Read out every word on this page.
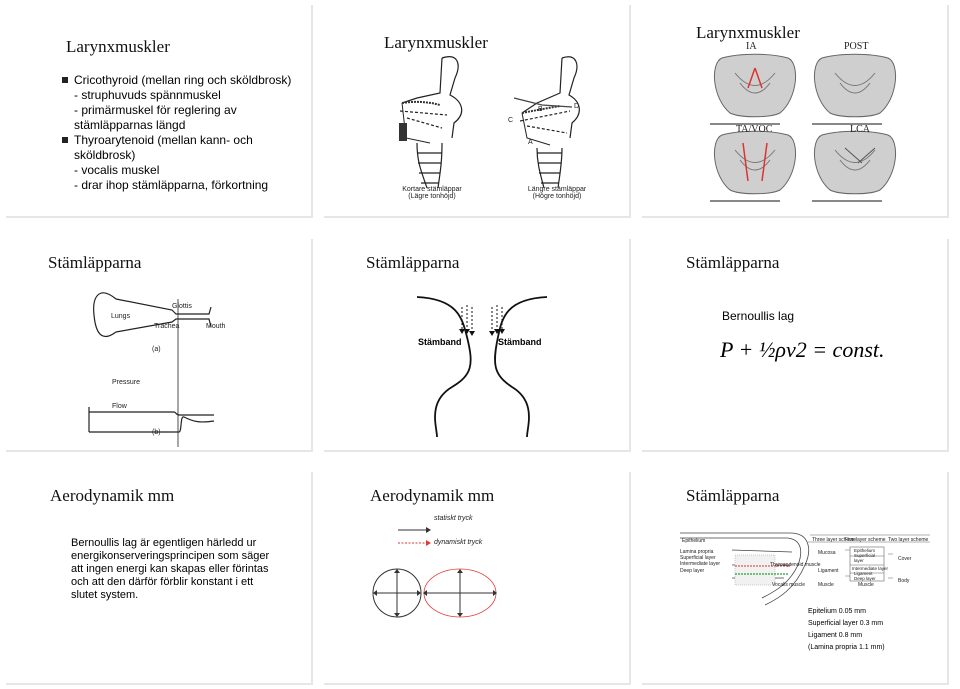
Larynxmuskler
Cricothyroid (mellan ring och sköldbrosk)
- struphuvuds spännmuskel
- primärmuskel för reglering av
stämläpparnas längd
Thyroarytenoid (mellan kann- och
sköldbrosk)
- vocalis muskel
- drar ihop stämläpparna, förkortning
Larynxmuskler
C
B	D
A
Kortare stämläppar
(Lägre tonhöjd)
Längre stämläppar
(Högre tonhöjd)
Larynxmuskler
IA	POST
TA/VOC	LCA
Stämläpparna
Lungs
Glottis
Trachea	Mouth
(a)
Pressure
Flow
(b)
Stämläpparna
Stämband	Stämband
Stämläpparna
Bernoullis lag
P + ½ρv2 = const.
Aerodynamik mm
Bernoullis lag är egentligen härledd ur
energikonserveringsprincipen som säger
att ingen energi kan skapas eller förintas
och att den därför förblir konstant i ett
slutet system.
Aerodynamik mm
statiskt tryck
dynamiskt tryck
Stämläpparna
Epithelium
Lamina propria
Superficial layer
Intermediate layer
Deep layer
Thyroarytenoid muscle
Vocalis muscle
Three layer scheme
Five layer scheme Two layer scheme
Mucosa
Ligament
Muscle
Epithelium
Superficial
layer
Intermediate layer
Ligament
Deep layer
Muscle
Cover
Body
Epitelium 0.05 mm
Superficial layer 0.3 mm
Ligament 0.8 mm
(Lamina propria 1.1 mm)
